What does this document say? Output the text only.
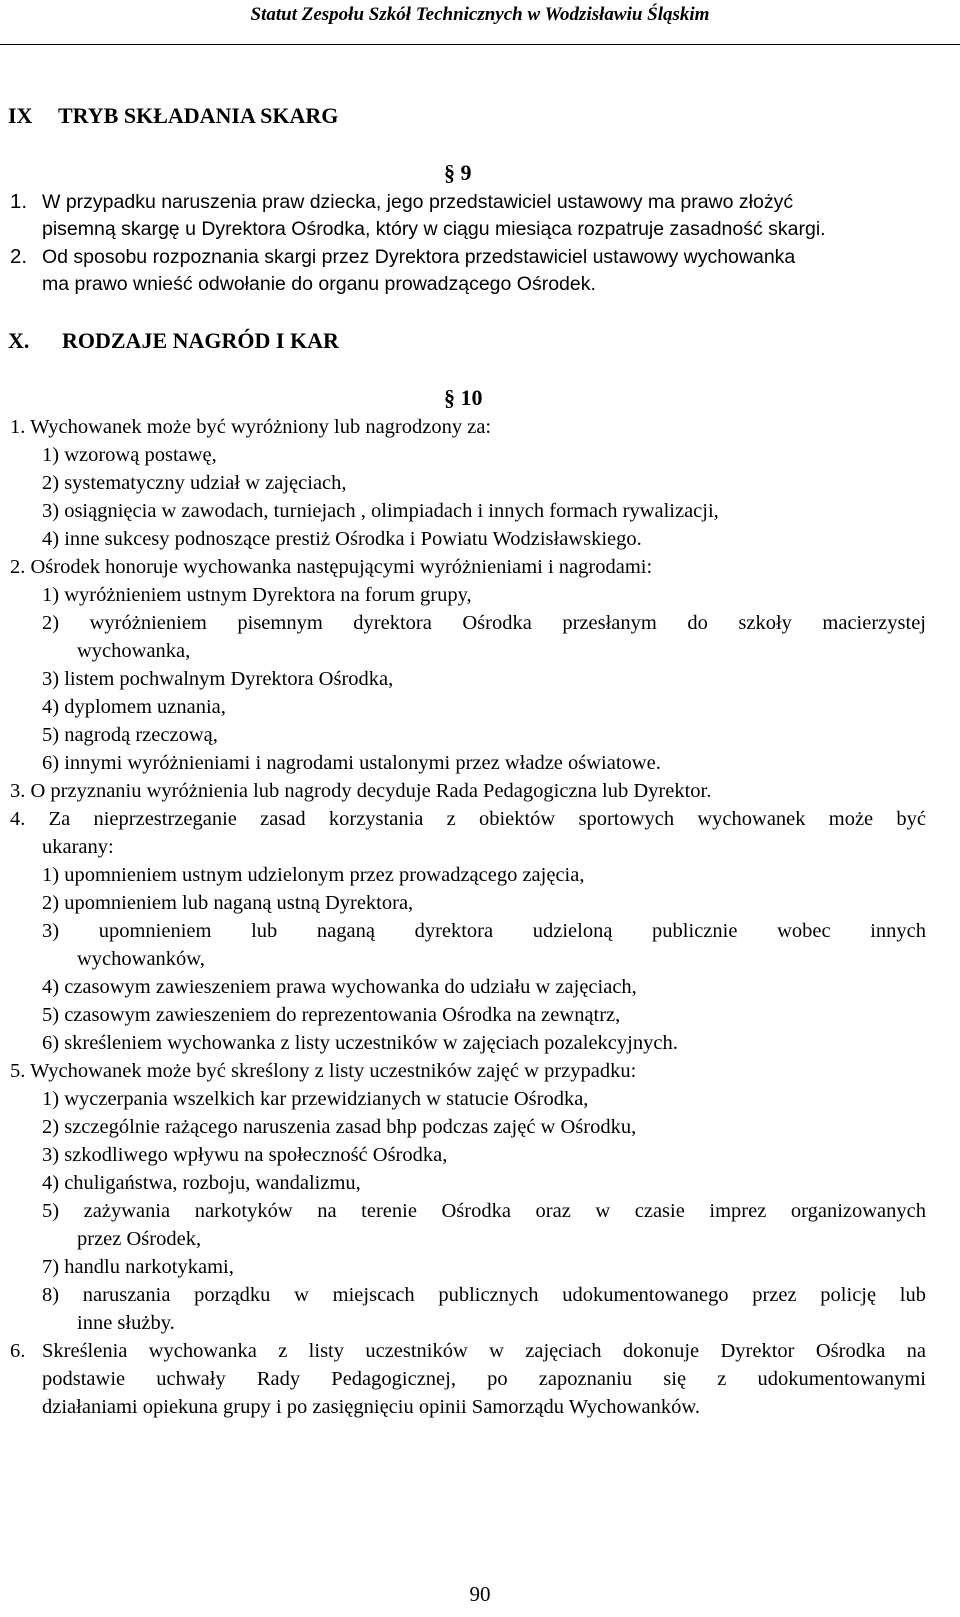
Statut Zespołu Szkół Technicznych w Wodzisławiu Śląskim
IX TRYB SKŁADANIA SKARG
§ 9
1. W przypadku naruszenia praw dziecka, jego przedstawiciel ustawowy ma prawo złożyć
pisemną skargę u Dyrektora Ośrodka, który w ciągu miesiąca rozpatruje zasadność skargi.
2. Od sposobu rozpoznania skargi przez Dyrektora przedstawiciel ustawowy wychowanka
ma prawo wnieść odwołanie do organu prowadzącego Ośrodek.
X. RODZAJE NAGRÓD I KAR
§ 10
1. Wychowanek może być wyróżniony lub nagrodzony za:
1) wzorową postawę,
2) systematyczny udział w zajęciach,
3) osiągnięcia w zawodach, turniejach , olimpiadach i innych formach rywalizacji,
4) inne sukcesy podnoszące prestiż Ośrodka i Powiatu Wodzisławskiego.
2. Ośrodek honoruje wychowanka następującymi wyróżnieniami i nagrodami:
1) wyróżnieniem ustnym Dyrektora na forum grupy,
2) wyróżnieniem pisemnym dyrektora Ośrodka przesłanym do szkoły macierzystej
wychowanka,
3) listem pochwalnym Dyrektora Ośrodka,
4) dyplomem uznania,
5) nagrodą rzeczową,
6) innymi wyróżnieniami i nagrodami ustalonymi przez władze oświatowe.
3. O przyznaniu wyróżnienia lub nagrody decyduje Rada Pedagogiczna lub Dyrektor.
4. Za nieprzestrzeganie zasad korzystania z obiektów sportowych wychowanek może być
ukarany:
1) upomnieniem ustnym udzielonym przez prowadzącego zajęcia,
2) upomnieniem lub naganą ustną Dyrektora,
3) upomnieniem lub naganą dyrektora udzieloną publicznie wobec innych
wychowanków,
4) czasowym zawieszeniem prawa wychowanka do udziału w zajęciach,
5) czasowym zawieszeniem do reprezentowania Ośrodka na zewnątrz,
6) skreśleniem wychowanka z listy uczestników w zajęciach pozalekcyjnych.
5. Wychowanek może być skreślony z listy uczestników zajęć w przypadku:
1) wyczerpania wszelkich kar przewidzianych w statucie Ośrodka,
2) szczególnie rażącego naruszenia zasad bhp podczas zajęć w Ośrodku,
3) szkodliwego wpływu na społeczność Ośrodka,
4) chuligaństwa, rozboju, wandalizmu,
5) zażywania narkotyków na terenie Ośrodka oraz w czasie imprez organizowanych
przez Ośrodek,
7) handlu narkotykami,
8) naruszania porządku w miejscach publicznych udokumentowanego przez policję lub
inne służby.
6. Skreślenia wychowanka z listy uczestników w zajęciach dokonuje Dyrektor Ośrodka na
podstawie uchwały Rady Pedagogicznej, po zapoznaniu się z udokumentowanymi
działaniami opiekuna grupy i po zasięgnięciu opinii Samorządu Wychowanków.
90
